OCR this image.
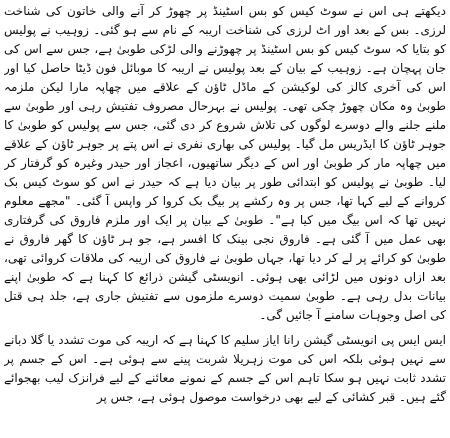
دیکھتے ہی اس نے سوٹ کیس کو بس اسٹینڈ پر چھوڑ کر آنے والی خاتون کی شناخت لرزی۔ بس کے بعد اور اٹ لرزی کی شناخت اریبہ کے نام سے ہو گئی۔ زوہیب نے پولیس کو بتایا کہ سوٹ کیس کو بس اسٹینڈ پر چھوڑنے والی لڑکی طوبیٰ ہے، جس سے اس کی جان پہچان ہے۔ زوہیب کے بیان کے بعد پولیس نے اریبہ کا موبائل فون ڈیٹا حاصل کیا اور اس کی آخری کالز کی لوکیشن کے ماڈل ٹاؤن کے علاقے میں چھاپہ مارا لیکن ملزمہ طوبیٰ وہ مکان چھوڑ چکی تھی۔ پولیس نے بہرحال مصروف تفتیش رہی اور طوبیٰ سے ملنے جلنے والے دوسرے لوگوں کی تلاش شروع کر دی گئی، جس سے پولیس کو طوبیٰ کا جوہر ٹاؤن کا ایڈریس مل گیا۔ پولیس کی بھاری نفری نے اس پتے پر جوہر ٹاؤن کے علاقے میں چھاپہ مار کر طوبیٰ اور اس کے دیگر ساتھیوں، اعجاز اور حیدر وغیرہ کو گرفتار کر لیا۔ طوبیٰ نے پولیس کو ابتدائی طور پر بیان دیا ہے کہ حیدر نے اس کو سوٹ کیس بک کروانے کے لیے کہا تھا، جس پر وہ رکشے پر بیگ بک کروا کر واپس آ گئی۔ "مجھے معلوم نہیں تھا کہ اس بیگ میں کیا ہے"۔ طوبیٰ کے بیان پر ایک اور ملزم فاروق کی گرفتاری بھی عمل میں آ گئی ہے۔ فاروق نجی بینک کا افسر ہے، جو ہر ٹاؤن کا گھر فاروق نے طوبیٰ کو کرائے پر لے کر دیا تھا، جہاں طوبیٰ نے فاروق کی اریبہ کی ملاقات کروائی تھی، بعد ازاں دونوں میں لڑائی بھی ہوئی۔ انویسٹی گیشن ذرائع کا کہنا ہے کہ طوبیٰ اپنے بیانات بدل رہی ہے۔ طوبیٰ سمیت دوسرے ملزموں سے تفتیش جاری ہے، جلد ہی قتل کی اصل وجوہات سامنے آ جائیں گی۔

ایس ایس پی انویسٹی گیشن رانا ایاز سلیم کا کہنا ہے کہ اریبہ کی موت تشدد یا گلا دبانے سے نہیں ہوئی بلکہ اس کی موت زہریلا شربت پینے سے ہوئی ہے۔ اس کے جسم پر تشدد ثابت نہیں ہو سکا تاہم اس کے جسم کے نمونے معائنے کے لیے فرانزک لیب بھجوائے گئے ہیں۔ قبر کشائی کے لیے بھی درخواست موصول ہوئی ہے، جس پر
